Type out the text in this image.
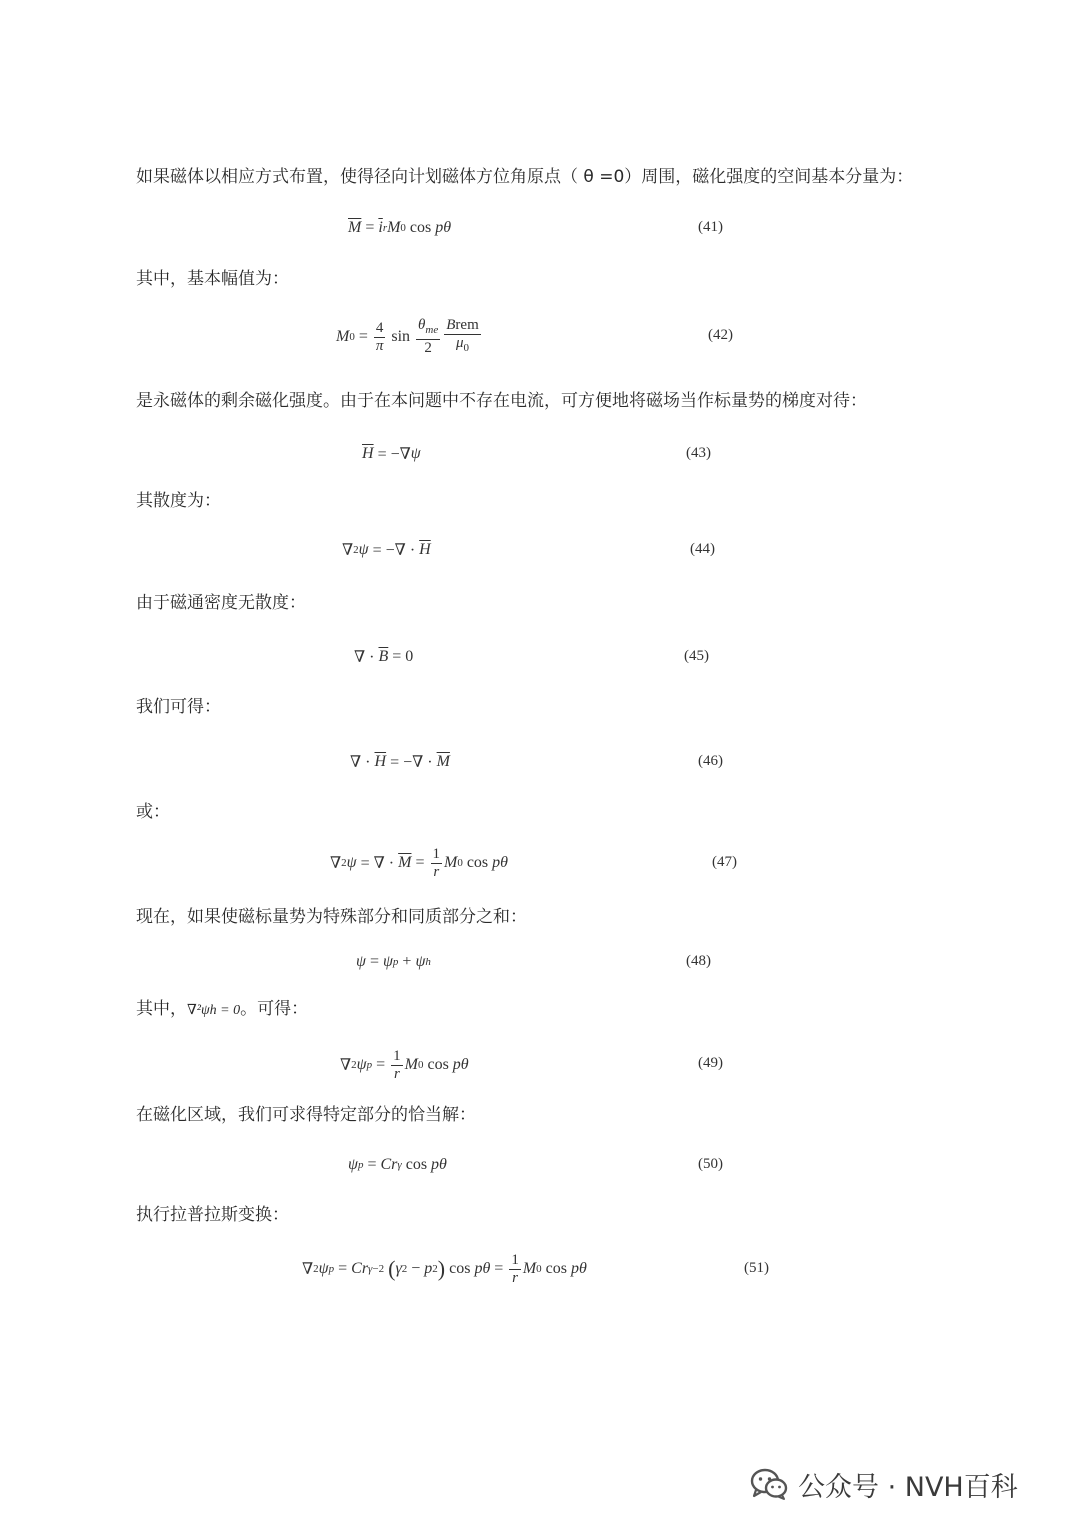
如果磁体以相应方式布置，使得径向计划磁体方位角原点（ θ =0）周围，磁化强度的空间基本分量为：
$\overline{M} = \overline{i}$ r M 0 cos pθ	(41)
其中，基本幅值为：
M $0 = \frac{4}{\pi}$ $\sin \frac{\theta_{me}}{2} \frac{\text{Brem}}{\mu_0}$	(42)
是永磁体的剩余磁化强度。由于在本问题中不存在电流，可方便地将磁场当作标量势的梯度对待：
$\overline{H}$ = −∇ ψ	(43)
其散度为：
∇ 2 ψ = −∇ · $\overline{H}$	(44)
由于磁通密度无散度：
∇ · $\overline{B} = 0$	(45)
我们可得：
∇ · $\overline{H}$ = −∇ · $\overline{M}$	(46)
或：
∇ 2 ψ = ∇ · $\overline{M} = \frac{1}{r}$ M 0 cos pθ	(47)
现在，如果使磁标量势为特殊部分和同质部分之和：
ψ = ψ p + ψ h	(48)
其中，∇²ψh = 0。可得：
∇ 2 ψ $p = \frac{1}{r}$ M 0 cos pθ	(49)
在磁化区域，我们可求得特定部分的恰当解：
ψ p = Cr γ cos pθ	(50)
执行拉普拉斯变换：
∇ 2 ψ p = Cr γ−2
( γ 2 − p 2 ) $\cos p\theta = \frac{1}{r}$ M 0 cos pθ	(51)
公众号 · NVH百科
